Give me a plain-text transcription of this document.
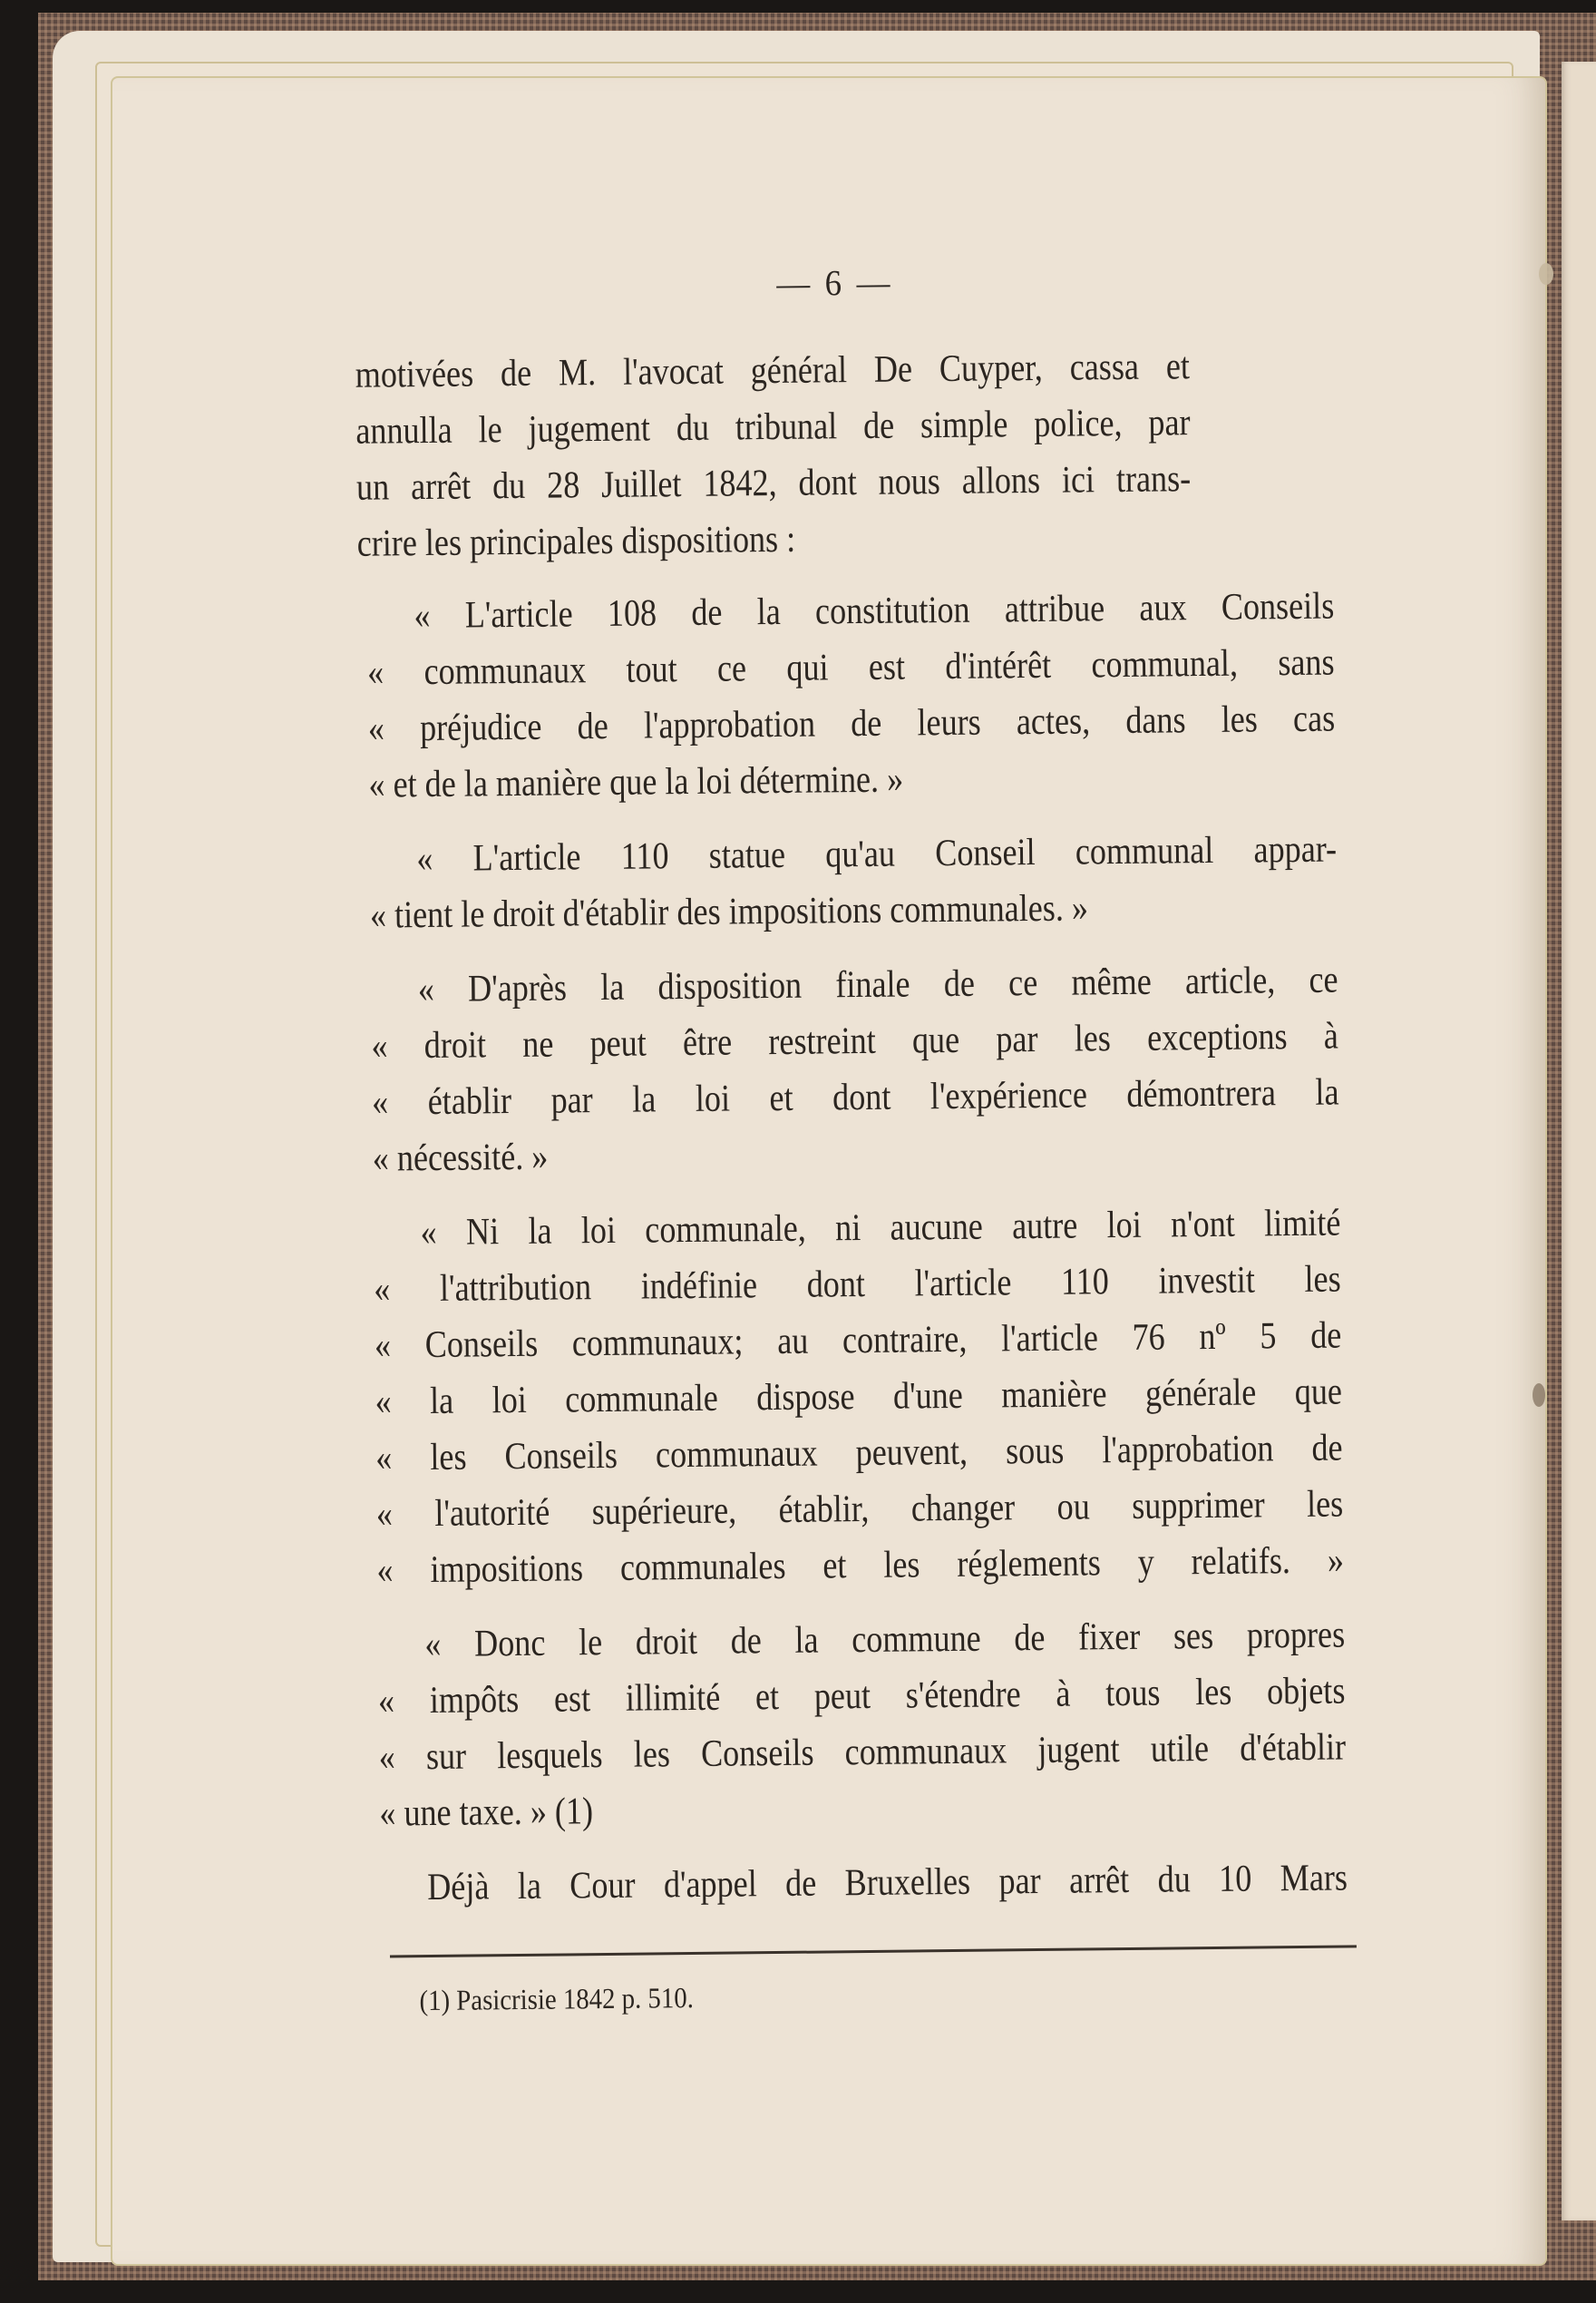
— 6 —
motivées de M. l'avocat général De Cuyper, cassa et
annulla le jugement du tribunal de simple police, par
un arrêt du 28 Juillet 1842, dont nous allons ici trans-
crire les principales dispositions :
« L'article 108 de la constitution attribue aux Conseils
« communaux tout ce qui est d'intérêt communal, sans
« préjudice de l'approbation de leurs actes, dans les cas
« et de la manière que la loi détermine. »
« L'article 110 statue qu'au Conseil communal appar-
« tient le droit d'établir des impositions communales. »
« D'après la disposition finale de ce même article, ce
« droit ne peut être restreint que par les exceptions à
« établir par la loi et dont l'expérience démontrera la
« nécessité. »
« Ni la loi communale, ni aucune autre loi n'ont limité
« l'attribution indéfinie dont l'article 110 investit les
« Conseils communaux; au contraire, l'article 76 nº 5 de
« la loi communale dispose d'une manière générale que
« les Conseils communaux peuvent, sous l'approbation de
« l'autorité supérieure, établir, changer ou supprimer les
« impositions communales et les réglements y relatifs. »
« Donc le droit de la commune de fixer ses propres
« impôts est illimité et peut s'étendre à tous les objets
« sur lesquels les Conseils communaux jugent utile d'établir
« une taxe. » (1)
Déjà la Cour d'appel de Bruxelles par arrêt du 10 Mars
(1) Pasicrisie 1842 p. 510.
